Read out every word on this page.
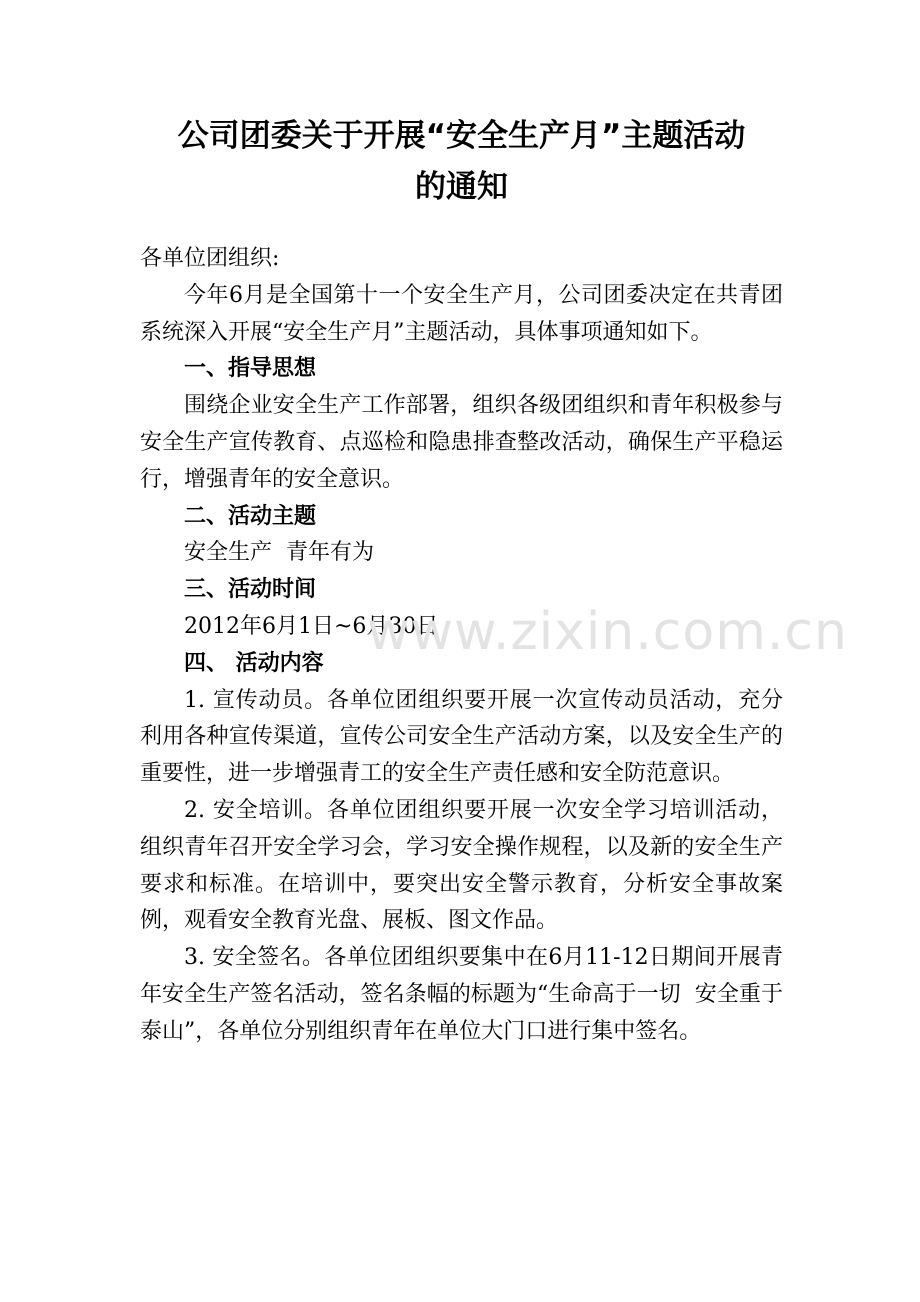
公司团委关于开展“安全生产月”主题活动
的通知

各单位团组织:

今年6月是全国第十一个安全生产月，公司团委决定在共青团系统深入开展“安全生产月”主题活动，具体事项通知如下。

一、指导思想

围绕企业安全生产工作部署，组织各级团组织和青年积极参与安全生产宣传教育、点巡检和隐患排查整改活动，确保生产平稳运行，增强青年的安全意识。

二、活动主题

安全生产  青年有为

三、活动时间

2012年6月1日~6月30日

四、 活动内容

1. 宣传动员。各单位团组织要开展一次宣传动员活动，充分利用各种宣传渠道，宣传公司安全生产活动方案，以及安全生产的重要性，进一步增强青工的安全生产责任感和安全防范意识。

2. 安全培训。各单位团组织要开展一次安全学习培训活动，组织青年召开安全学习会，学习安全操作规程，以及新的安全生产要求和标准。在培训中，要突出安全警示教育，分析安全事故案例，观看安全教育光盘、展板、图文作品。

3. 安全签名。各单位团组织要集中在6月11-12日期间开展青年安全生产签名活动，签名条幅的标题为“生命高于一切  安全重于泰山”，各单位分别组织青年在单位大门口进行集中签名。

www.zixin.com.cn
